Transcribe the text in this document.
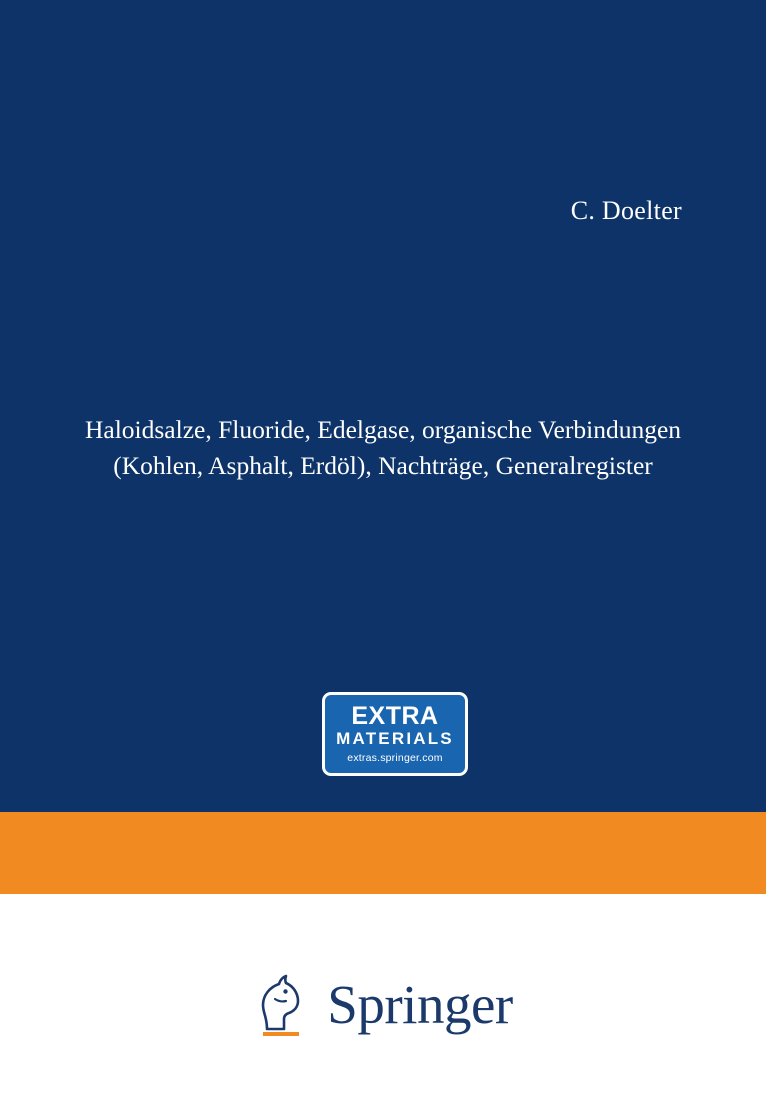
C. Doelter
Haloidsalze, Fluoride, Edelgase, organische Verbindungen
(Kohlen, Asphalt, Erdöl), Nachträge, Generalregister
EXTRA
MATERIALS
extras.springer.com
Springer
